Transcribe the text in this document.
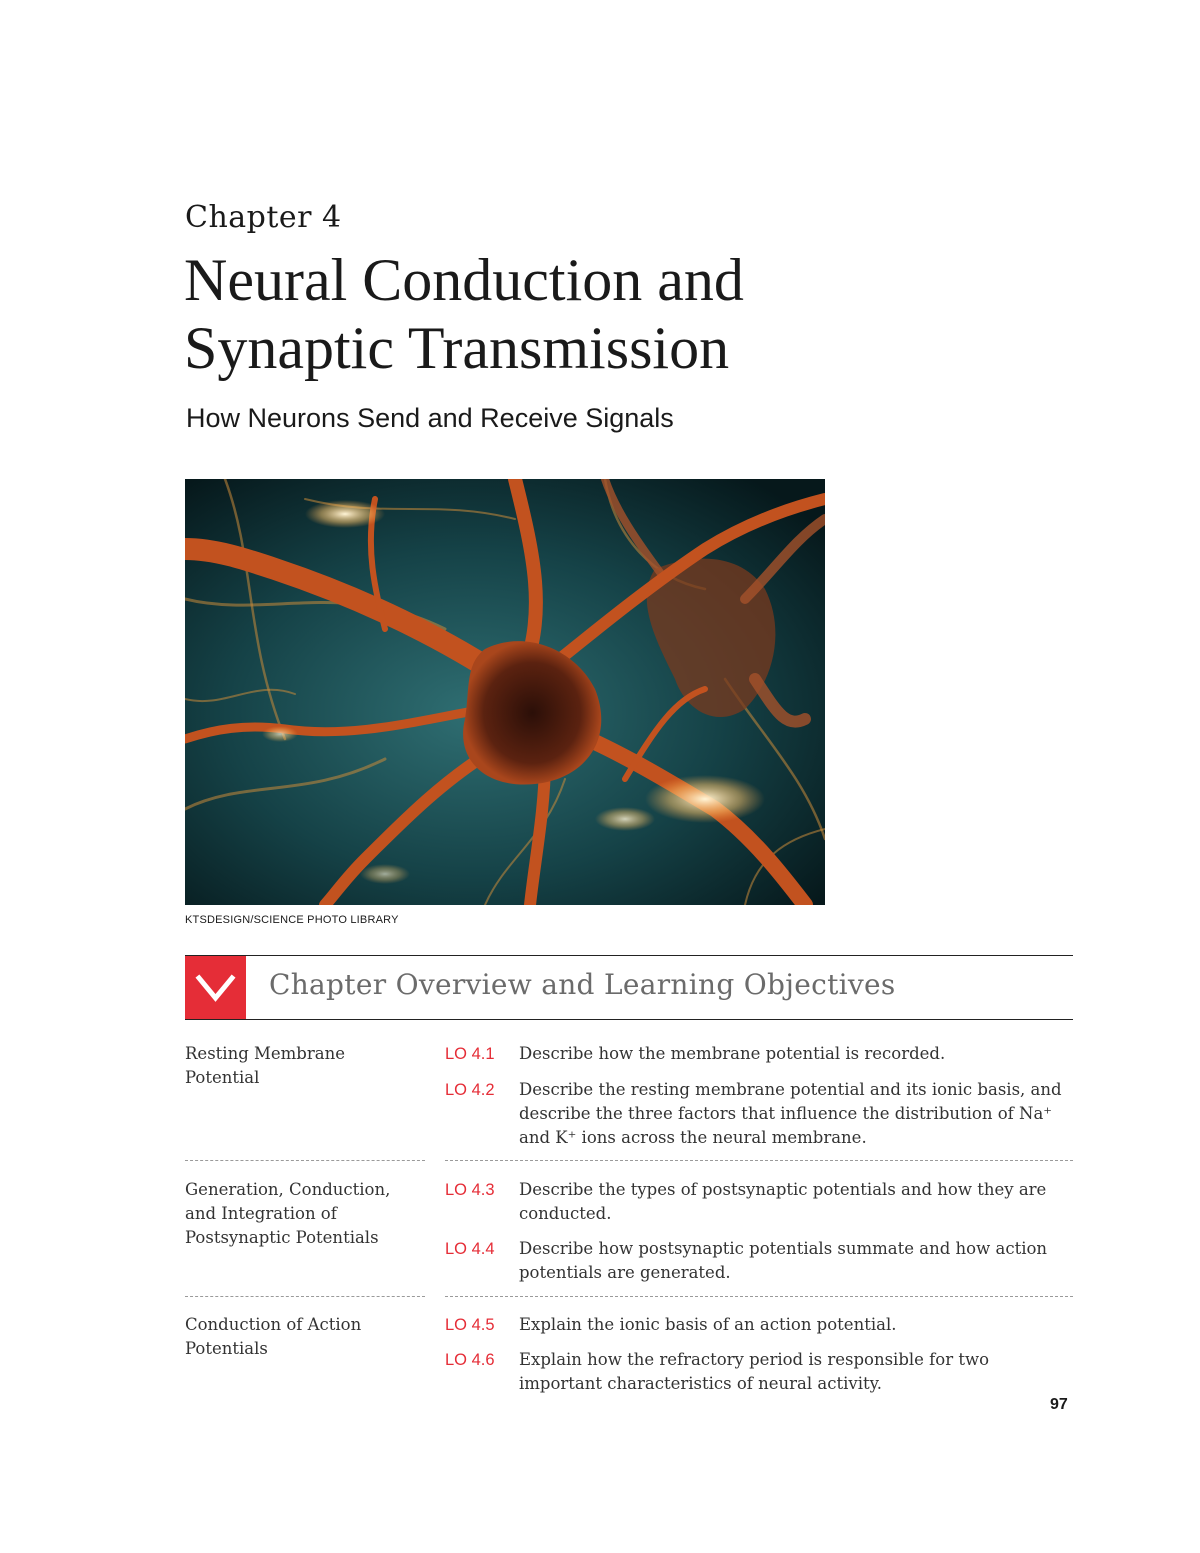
Chapter 4
Neural Conduction and Synaptic Transmission
How Neurons Send and Receive Signals
KTSDESIGN/SCIENCE PHOTO LIBRARY
Chapter Overview and Learning Objectives
Resting Membrane Potential
LO 4.1 Describe how the membrane potential is recorded.
LO 4.2 Describe the resting membrane potential and its ionic basis, and describe the three factors that influence the distribution of Na⁺ and K⁺ ions across the neural membrane.
Generation, Conduction, and Integration of Postsynaptic Potentials
LO 4.3 Describe the types of postsynaptic potentials and how they are conducted.
LO 4.4 Describe how postsynaptic potentials summate and how action potentials are generated.
Conduction of Action Potentials
LO 4.5 Explain the ionic basis of an action potential.
LO 4.6 Explain how the refractory period is responsible for two important characteristics of neural activity.
97
